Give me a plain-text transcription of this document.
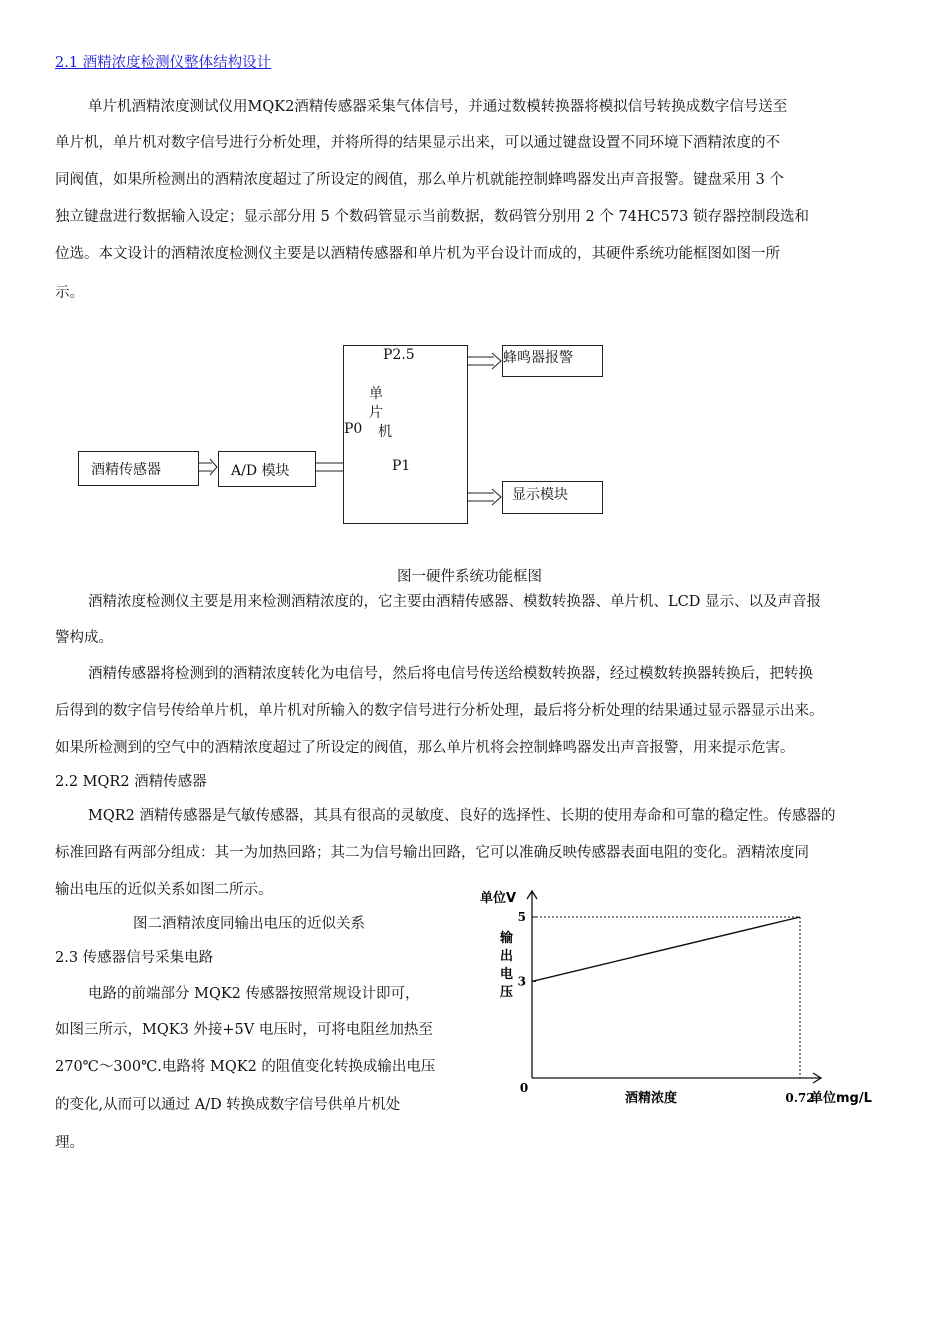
2.1 酒精浓度检测仪整体结构设计
单片机酒精浓度测试仪用MQK2酒精传感器采集气体信号，并通过数模转换器将模拟信号转换成数字信号送至
单片机，单片机对数字信号进行分析处理，并将所得的结果显示出来，可以通过键盘设置不同环境下酒精浓度的不
同阀值，如果所检测出的酒精浓度超过了所设定的阀值，那么单片机就能控制蜂鸣器发出声音报警。键盘采用 3 个
独立键盘进行数据输入设定；显示部分用 5 个数码管显示当前数据，数码管分别用 2 个 74HC573 锁存器控制段选和
位选。本文设计的酒精浓度检测仪主要是以酒精传感器和单片机为平台设计而成的，其硬件系统功能框图如图一所
示。
酒精传感器	A/D 模块
P2.5
单
片
P0 机
P1
蜂鸣器报警
显示模块
图一硬件系统功能框图
酒精浓度检测仪主要是用来检测酒精浓度的，它主要由酒精传感器、模数转换器、单片机、LCD 显示、以及声音报
警构成。
酒精传感器将检测到的酒精浓度转化为电信号，然后将电信号传送给模数转换器，经过模数转换器转换后，把转换
后得到的数字信号传给单片机，单片机对所输入的数字信号进行分析处理，最后将分析处理的结果通过显示器显示出来。
如果所检测到的空气中的酒精浓度超过了所设定的阀值，那么单片机将会控制蜂鸣器发出声音报警，用来提示危害。
2.2 MQR2 酒精传感器
MQR2 酒精传感器是气敏传感器，其具有很高的灵敏度、良好的选择性、长期的使用寿命和可靠的稳定性。传感器的
标准回路有两部分组成：其一为加热回路；其二为信号输出回路，它可以准确反映传感器表面电阻的变化。酒精浓度同
输出电压的近似关系如图二所示。
图二酒精浓度同输出电压的近似关系
2.3 传感器信号采集电路
电路的前端部分 MQK2 传感器按照常规设计即可，
如图三所示，MQK3 外接+5V 电压时，可将电阻丝加热至
270℃～300℃.电路将 MQK2 的阻值变化转换成输出电压
的变化,从而可以通过 A/D 转换成数字信号供单片机处
理。
3
5
0
0.72
单位V
输
出
电
压
酒精浓度	单位mg/L
